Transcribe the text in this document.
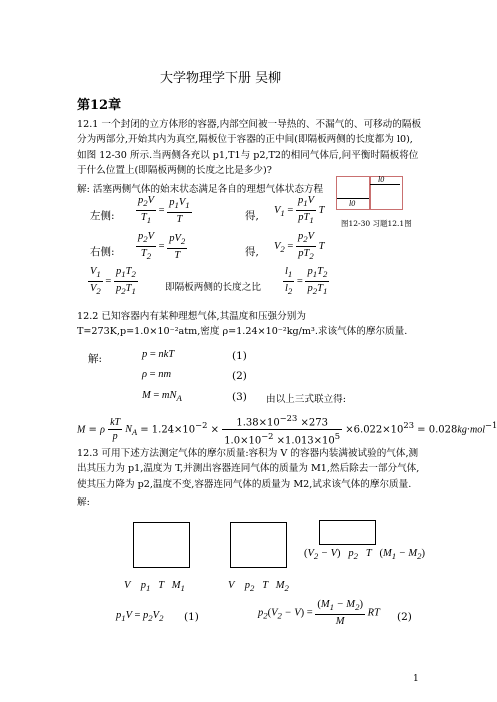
大学物理学下册 吴柳
第12章
12.1 一个封闭的立方体形的容器,内部空间被一导热的、不漏气的、可移动的隔板分为两部分,开始其内为真空,隔板位于容器的正中间(即隔板两侧的长度都为 l0),如图 12-30 所示.当两侧各充以 p1,T1与 p2,T2的相同气体后,问平衡时隔板将位于什么位置上(即隔板两侧的长度之比是多少)?
解: 活塞两侧气体的始末状态满足各自的理想气体状态方程
左侧: $\frac{p_2V}{T_1} = \frac{p_1V_1}{T}$	得, $V_1 = \frac{p_1V}{pT_1}$ T
l0
l0
图12-30 习题12.1图
右侧: $\frac{p_2V}{T_2} = \frac{pV_2}{T}$	得, $V_2 = \frac{p_2V}{pT_2}$ T
$\frac{V_1}{V_2} = \frac{p_1T_2}{p_2T_1}$	即隔板两侧的长度之比 $\frac{l_1}{l_2} = \frac{p_1T_2}{p_2T_1}$
12.2 已知容器内有某种理想气体,其温度和压强分别为 T=273K,p=1.0×10⁻²atm,密度 ρ=1.24×10⁻²kg/m³.求该气体的摩尔质量.
解:	p = nkT	(1)
ρ = nm	(2)
$M = mN_A$	(3) 由以上三式联立得:
M = ρ $\frac{kT}{p} N_A = 1.24\times 10^{-2} \times \frac{1.38\times 10^{-23} \times 273}{1.0\times 10^{-2} \times 1.013\times 10^5} \times 6.022\times 10^{23} = 0.028kg\cdot mol^{-1}$
12.3 可用下述方法测定气体的摩尔质量:容积为 V 的容器内装满被试验的气体,测出其压力为 p1,温度为 T,并测出容器连同气体的质量为 M1,然后除去一部分气体,使其压力降为 p2,温度不变,容器连同气体的质量为 M2,试求该气体的摩尔质量.
解:
$(V_2 - V)$   $p_2$   T   $(M_1 - M_2)$
V    $p_1$   T   $M_1$	V    $p_2$   T   $M_2$
$p_1V = p_2V_2$ (1)	$p_2(V_2 - V) = \frac{(M_1 - M_2)}{M}$ RT (2)
1
